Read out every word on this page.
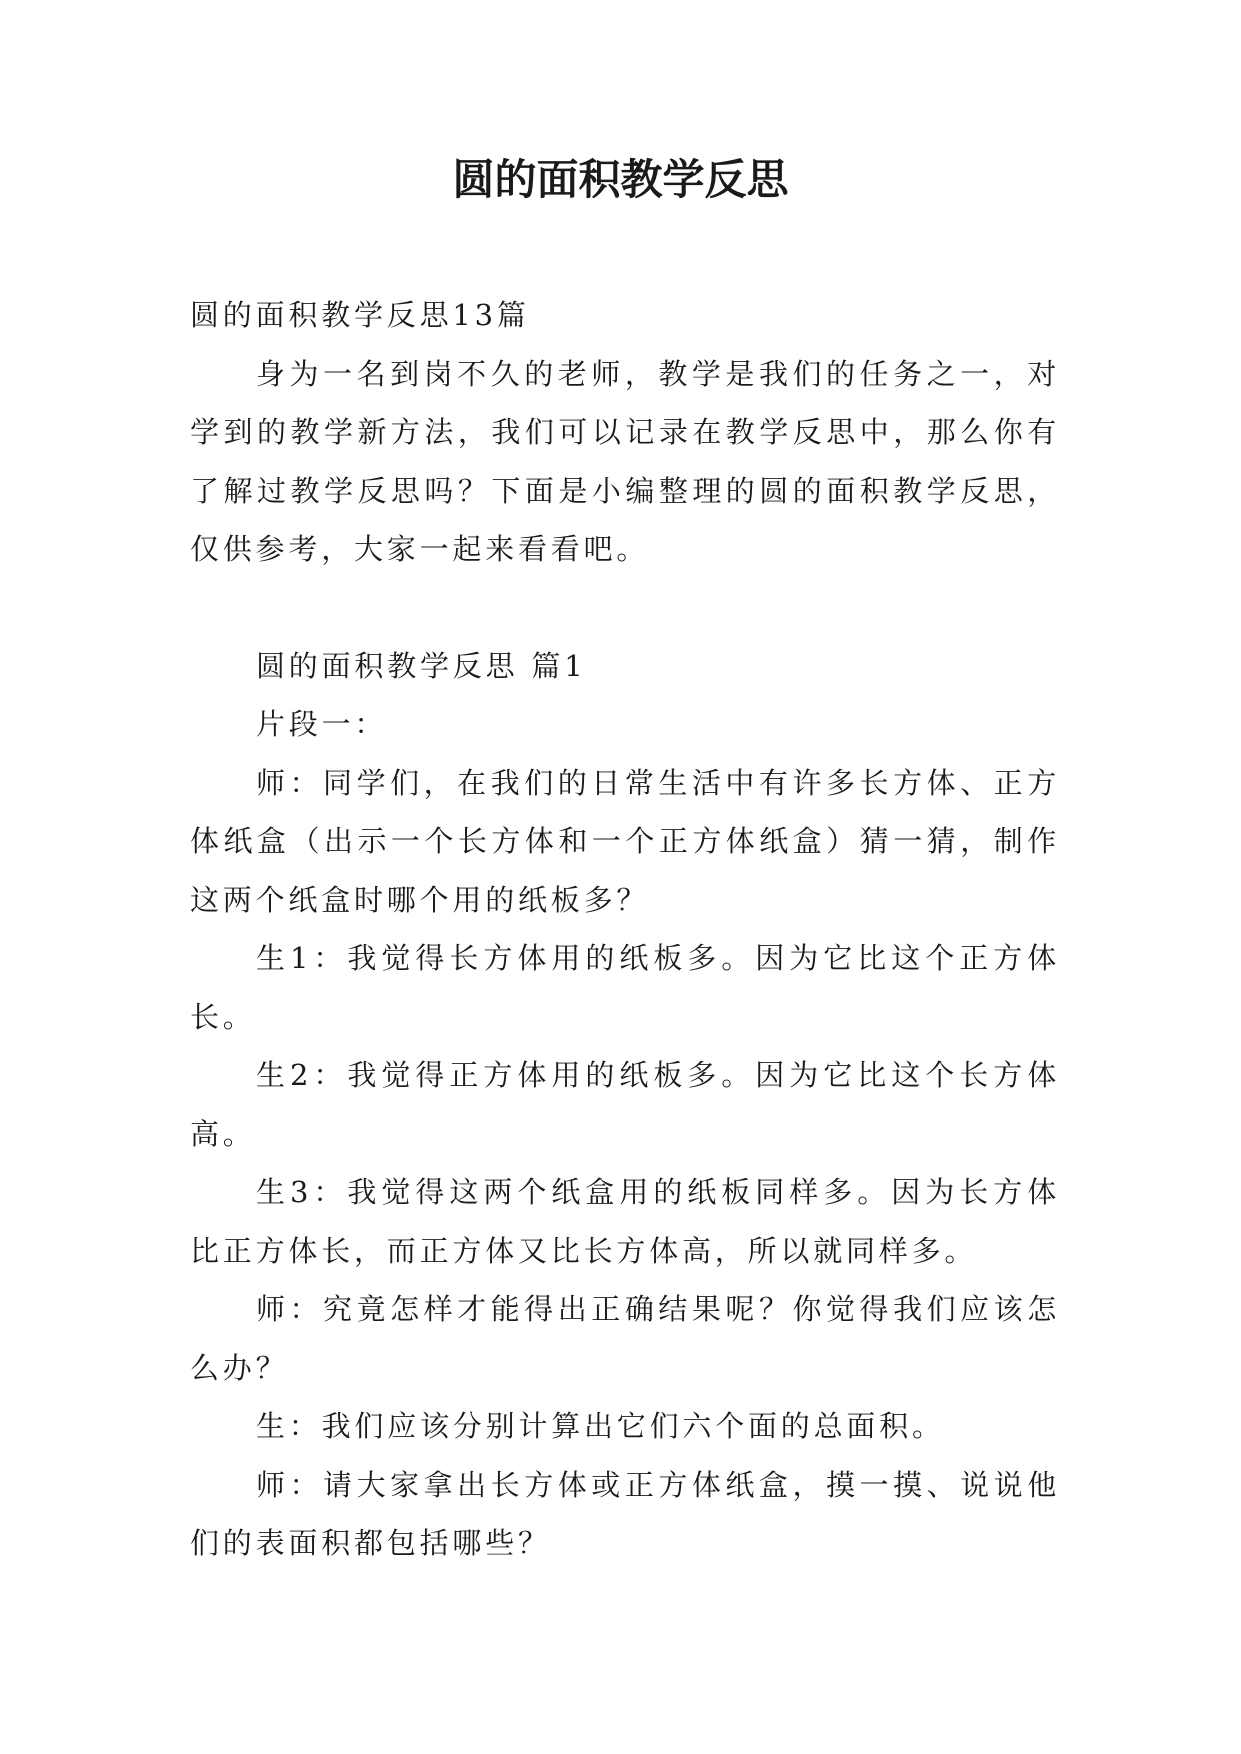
圆的面积教学反思

圆的面积教学反思13篇

身为一名到岗不久的老师，教学是我们的任务之一，对学到的教学新方法，我们可以记录在教学反思中，那么你有了解过教学反思吗？下面是小编整理的圆的面积教学反思，仅供参考，大家一起来看看吧。

圆的面积教学反思 篇1

片段一：

师：同学们，在我们的日常生活中有许多长方体、正方体纸盒（出示一个长方体和一个正方体纸盒）猜一猜，制作这两个纸盒时哪个用的纸板多？

生1：我觉得长方体用的纸板多。因为它比这个正方体长。

生2：我觉得正方体用的纸板多。因为它比这个长方体高。

生3：我觉得这两个纸盒用的纸板同样多。因为长方体比正方体长，而正方体又比长方体高，所以就同样多。

师：究竟怎样才能得出正确结果呢？你觉得我们应该怎么办？

生：我们应该分别计算出它们六个面的总面积。

师：请大家拿出长方体或正方体纸盒，摸一摸、说说他们的表面积都包括哪些？
